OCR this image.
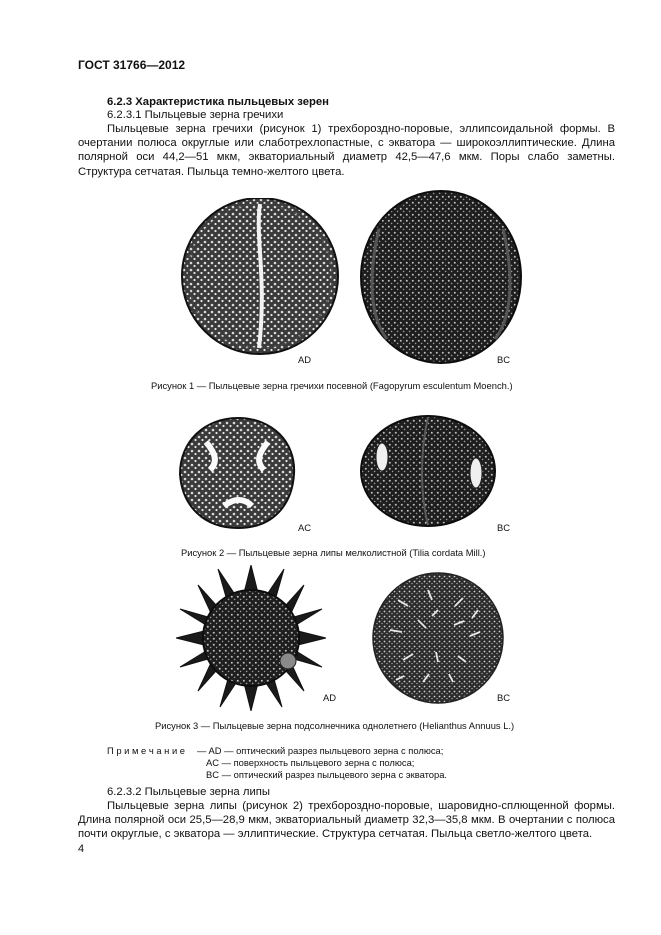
ГОСТ 31766—2012
6.2.3 Характеристика пыльцевых зерен
6.2.3.1 Пыльцевые зерна гречихи
Пыльцевые зерна гречихи (рисунок 1) трехбороздно-поровые, эллипсоидальной формы. В очертании полюса округлые или слаботрехлопастные, с экватора — широкоэллиптические. Длина полярной оси 44,2—51 мкм, экваториальный диаметр 42,5—47,6 мкм. Поры слабо заметны. Структура сетчатая. Пыльца темно-желтого цвета.
AD	BC
Рисунок 1 — Пыльцевые зерна гречихи посевной (Fagopyrum esculentum Moench.)
AC	BC
Рисунок 2 — Пыльцевые зерна липы мелколистной (Tilia cordata Mill.)
AD	BC
Рисунок 3 — Пыльцевые зерна подсолнечника однолетнего (Helianthus Annuus L.)
П р и м е ч а н и е — AD — оптический разрез пыльцевого зерна с полюса;
AC — поверхность пыльцевого зерна с полюса;
BC — оптический разрез пыльцевого зерна с экватора.
6.2.3.2 Пыльцевые зерна липы
Пыльцевые зерна липы (рисунок 2) трехбороздно-поровые, шаровидно-сплющенной формы. Длина полярной оси 25,5—28,9 мкм, экваториальный диаметр 32,3—35,8 мкм. В очертании с полюса почти округлые, с экватора — эллиптические. Структура сетчатая. Пыльца светло-желтого цвета.
4
